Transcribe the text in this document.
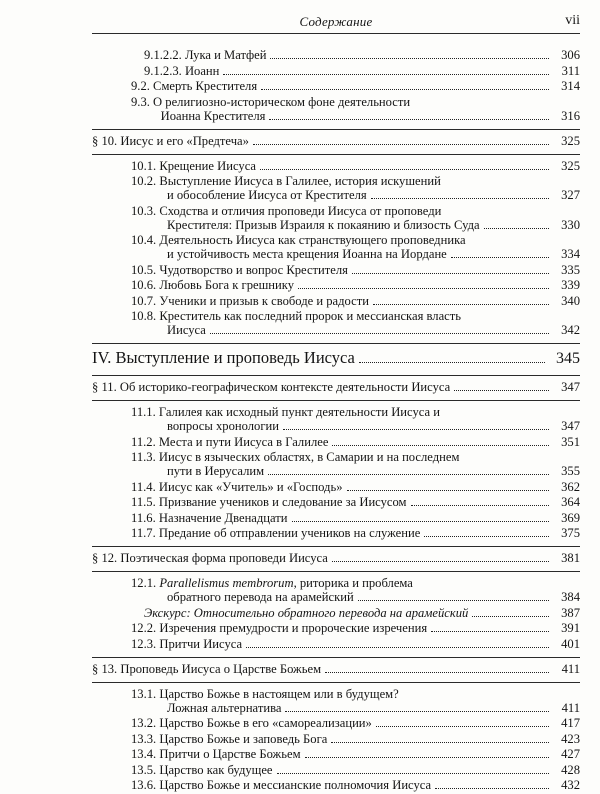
Содержание	vii
9.1.2.2. Лука и Матфей	306
9.1.2.3. Иоанн	311
9.2. Смерть Крестителя	314
9.3. О религиозно-историческом фоне деятельности
Иоанна Крестителя	316
§ 10. Иисус и его «Предтеча»	325
10.1. Крещение Иисуса	325
10.2. Выступление Иисуса в Галилее, история искушений
и обособление Иисуса от Крестителя	327
10.3. Сходства и отличия проповеди Иисуса от проповеди
Крестителя: Призыв Израиля к покаянию и близость Суда	330
10.4. Деятельность Иисуса как странствующего проповедника
и устойчивость места крещения Иоанна на Иордане	334
10.5. Чудотворство и вопрос Крестителя	335
10.6. Любовь Бога к грешнику	339
10.7. Ученики и призыв к свободе и радости	340
10.8. Креститель как последний пророк и мессианская власть
Иисуса	342
IV. Выступление и проповедь Иисуса	345
§ 11. Об историко-географическом контексте деятельности Иисуса	347
11.1. Галилея как исходный пункт деятельности Иисуса и
вопросы хронологии	347
11.2. Места и пути Иисуса в Галилее	351
11.3. Иисус в языческих областях, в Самарии и на последнем
пути в Иерусалим	355
11.4. Иисус как «Учитель» и «Господь»	362
11.5. Призвание учеников и следование за Иисусом	364
11.6. Назначение Двенадцати	369
11.7. Предание об отправлении учеников на служение	375
§ 12. Поэтическая форма проповеди Иисуса	381
12.1. Parallelismus membrorum, риторика и проблема
обратного перевода на арамейский	384
Экскурс: Относительно обратного перевода на арамейский	387
12.2. Изречения премудрости и пророческие изречения	391
12.3. Притчи Иисуса	401
§ 13. Проповедь Иисуса о Царстве Божьем	411
13.1. Царство Божье в настоящем или в будущем?
Ложная альтернатива	411
13.2. Царство Божье в его «самореализации»	417
13.3. Царство Божье и заповедь Бога	423
13.4. Притчи о Царстве Божьем	427
13.5. Царство как будущее	428
13.6. Царство Божье и мессианские полномочия Иисуса	432
